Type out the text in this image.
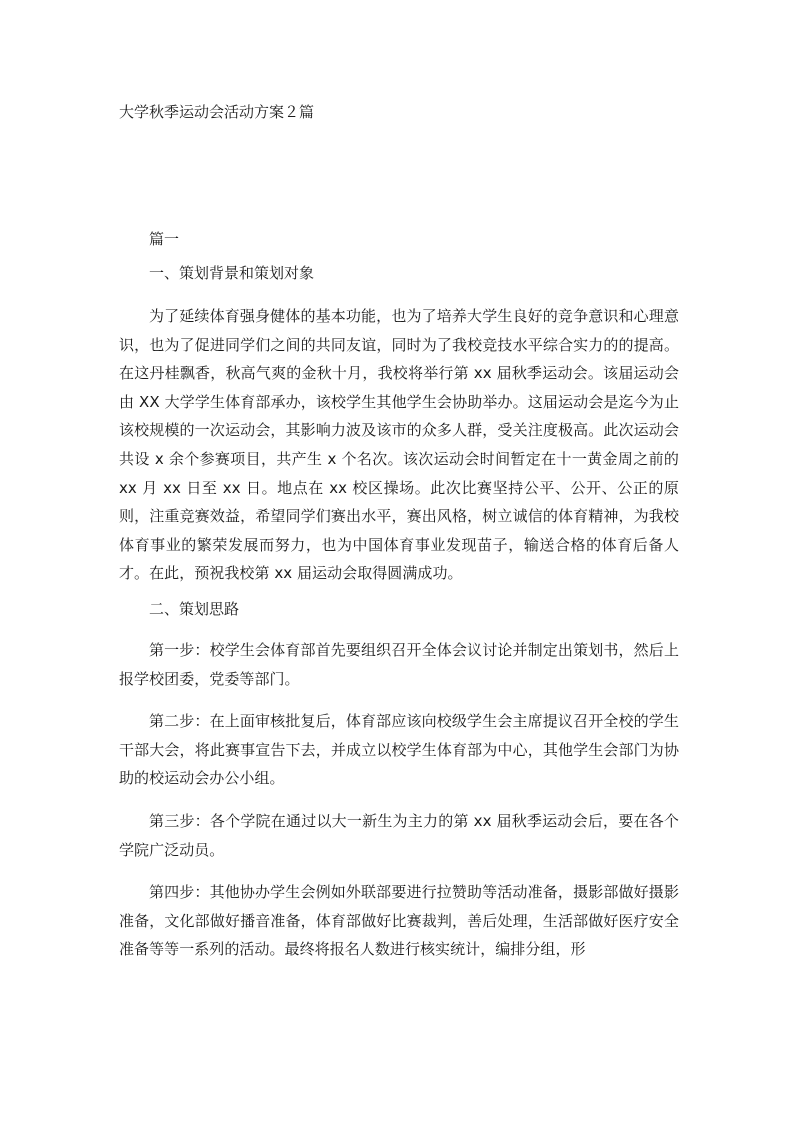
大学秋季运动会活动方案２篇

篇一

一、策划背景和策划对象

为了延续体育强身健体的基本功能，也为了培养大学生良好的竞争意识和心理意识，也为了促进同学们之间的共同友谊，同时为了我校竞技水平综合实力的的提高。在这丹桂飘香，秋高气爽的金秋十月，我校将举行第 xx 届秋季运动会。该届运动会由 XX 大学学生体育部承办，该校学生其他学生会协助举办。这届运动会是迄今为止该校规模的一次运动会，其影响力波及该市的众多人群，受关注度极高。此次运动会共设 x 余个参赛项目，共产生 x 个名次。该次运动会时间暂定在十一黄金周之前的 xx 月 xx 日至 xx 日。地点在 xx 校区操场。此次比赛坚持公平、公开、公正的原则，注重竞赛效益，希望同学们赛出水平，赛出风格，树立诚信的体育精神，为我校体育事业的繁荣发展而努力，也为中国体育事业发现苗子，输送合格的体育后备人才。在此，预祝我校第 xx 届运动会取得圆满成功。

二、策划思路

第一步：校学生会体育部首先要组织召开全体会议讨论并制定出策划书，然后上报学校团委，党委等部门。

第二步：在上面审核批复后，体育部应该向校级学生会主席提议召开全校的学生干部大会，将此赛事宣告下去，并成立以校学生体育部为中心，其他学生会部门为协助的校运动会办公小组。

第三步：各个学院在通过以大一新生为主力的第 xx 届秋季运动会后，要在各个学院广泛动员。

第四步：其他协办学生会例如外联部要进行拉赞助等活动准备，摄影部做好摄影准备，文化部做好播音准备，体育部做好比赛裁判，善后处理，生活部做好医疗安全准备等等一系列的活动。最终将报名人数进行核实统计，编排分组，形
